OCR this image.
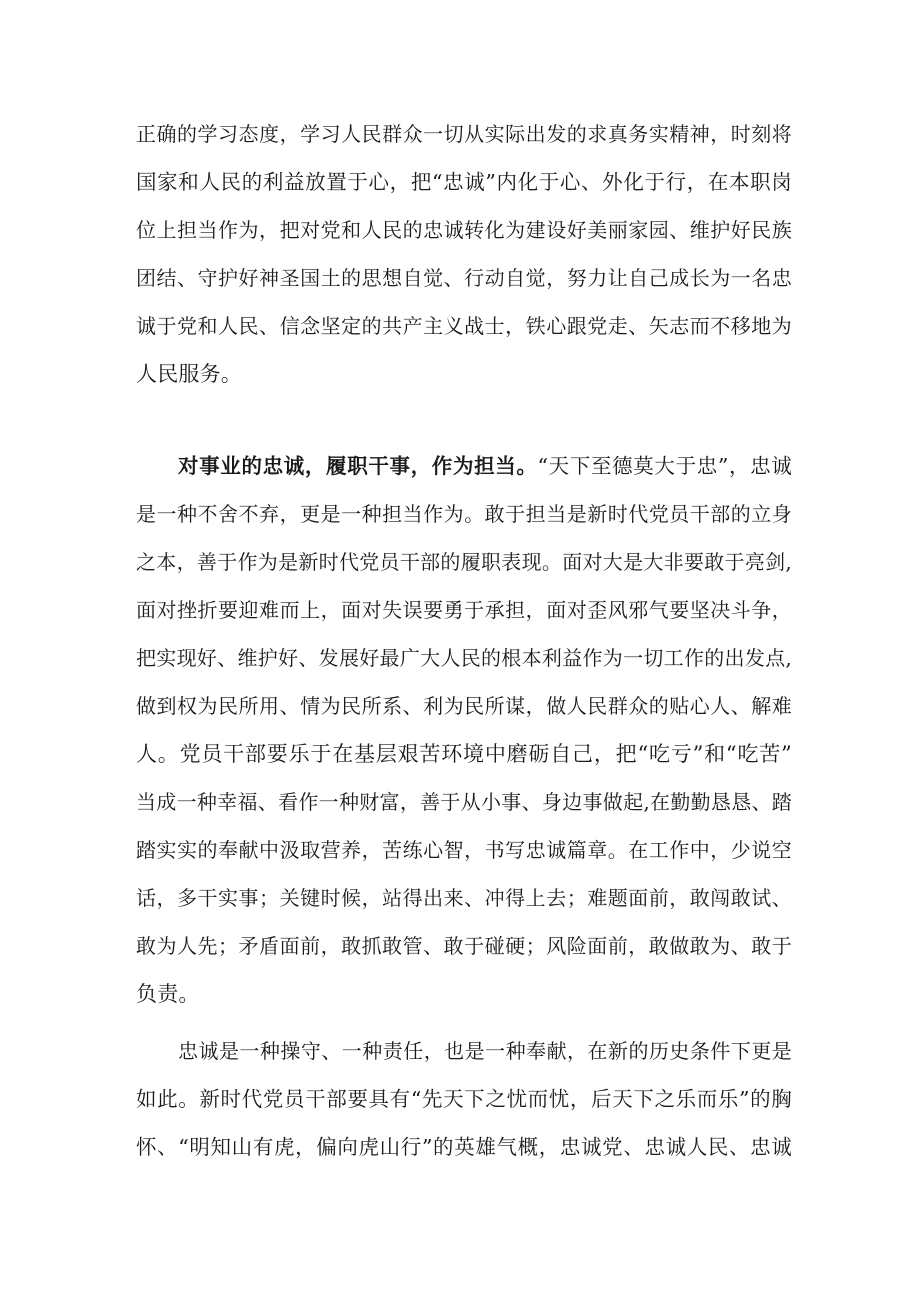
正确的学习态度，学习人民群众一切从实际出发的求真务实精神，时刻将
国家和人民的利益放置于心，把“忠诚”内化于心、外化于行，在本职岗
位上担当作为，把对党和人民的忠诚转化为建设好美丽家园、维护好民族
团结、守护好神圣国土的思想自觉、行动自觉，努力让自己成长为一名忠
诚于党和人民、信念坚定的共产主义战士，铁心跟党走、矢志而不移地为
人民服务。
对事业的忠诚，履职干事，作为担当。“天下至德莫大于忠”，忠诚
是一种不舍不弃，更是一种担当作为。敢于担当是新时代党员干部的立身
之本，善于作为是新时代党员干部的履职表现。面对大是大非要敢于亮剑,
面对挫折要迎难而上，面对失误要勇于承担，面对歪风邪气要坚决斗争，
把实现好、维护好、发展好最广大人民的根本利益作为一切工作的出发点,
做到权为民所用、情为民所系、利为民所谋，做人民群众的贴心人、解难
人。党员干部要乐于在基层艰苦环境中磨砺自己，把“吃亏”和“吃苦”
当成一种幸福、看作一种财富，善于从小事、身边事做起,在勤勤恳恳、踏
踏实实的奉献中汲取营养，苦练心智，书写忠诚篇章。在工作中，少说空
话，多干实事；关键时候，站得出来、冲得上去；难题面前，敢闯敢试、
敢为人先；矛盾面前，敢抓敢管、敢于碰硬；风险面前，敢做敢为、敢于
负责。
忠诚是一种操守、一种责任，也是一种奉献，在新的历史条件下更是
如此。新时代党员干部要具有“先天下之忧而忧，后天下之乐而乐”的胸
怀、“明知山有虎，偏向虎山行”的英雄气概，忠诚党、忠诚人民、忠诚
